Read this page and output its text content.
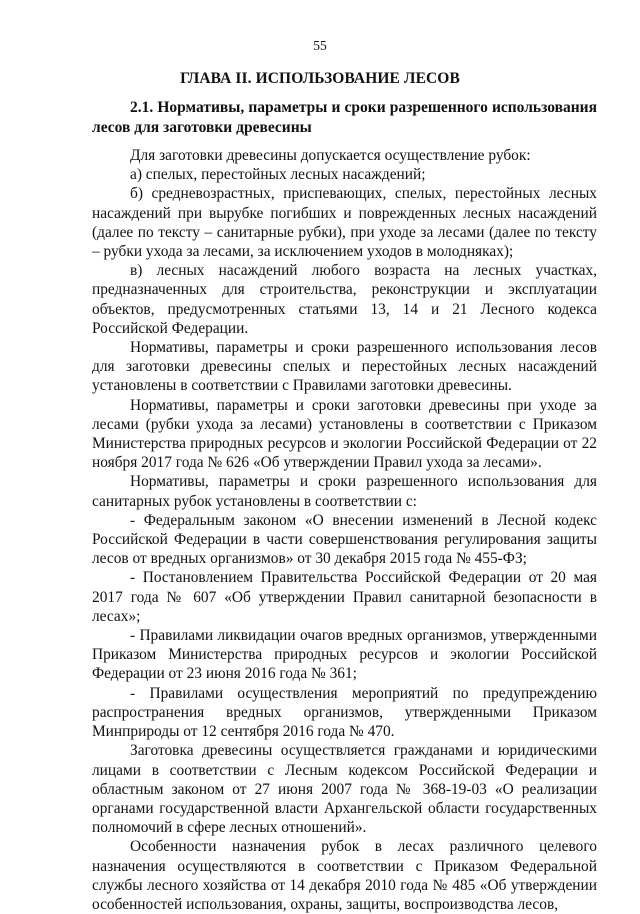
55
ГЛАВА II. ИСПОЛЬЗОВАНИЕ ЛЕСОВ
2.1. Нормативы, параметры и сроки разрешенного использования лесов для заготовки древесины

Для заготовки древесины допускается осуществление рубок:

а) спелых, перестойных лесных насаждений;

б) средневозрастных, приспевающих, спелых, перестойных лесных насаждений при вырубке погибших и поврежденных лесных насаждений (далее по тексту – санитарные рубки), при уходе за лесами (далее по тексту – рубки ухода за лесами, за исключением уходов в молодняках);

в) лесных насаждений любого возраста на лесных участках, предназначенных для строительства, реконструкции и эксплуатации объектов, предусмотренных статьями 13, 14 и 21 Лесного кодекса Российской Федерации.

Нормативы, параметры и сроки разрешенного использования лесов для заготовки древесины спелых и перестойных лесных насаждений установлены в соответствии с Правилами заготовки древесины.

Нормативы, параметры и сроки заготовки древесины при уходе за лесами (рубки ухода за лесами) установлены в соответствии с Приказом Министерства природных ресурсов и экологии Российской Федерации от 22 ноября 2017 года № 626 «Об утверждении Правил ухода за лесами».

Нормативы, параметры и сроки разрешенного использования для санитарных рубок установлены в соответствии с:

- Федеральным законом «О внесении изменений в Лесной кодекс Российской Федерации в части совершенствования регулирования защиты лесов от вредных организмов» от 30 декабря 2015 года № 455-ФЗ;

- Постановлением Правительства Российской Федерации от 20 мая 2017 года № 607 «Об утверждении Правил санитарной безопасности в лесах»;

- Правилами ликвидации очагов вредных организмов, утвержденными Приказом Министерства природных ресурсов и экологии Российской Федерации от 23 июня 2016 года № 361;

- Правилами осуществления мероприятий по предупреждению распространения вредных организмов, утвержденными Приказом Минприроды от 12 сентября 2016 года № 470.

Заготовка древесины осуществляется гражданами и юридическими лицами в соответствии с Лесным кодексом Российской Федерации и областным законом от 27 июня 2007 года № 368-19-03 «О реализации органами государственной власти Архангельской области государственных полномочий в сфере лесных отношений».

Особенности назначения рубок в лесах различного целевого назначения осуществляются в соответствии с Приказом Федеральной службы лесного хозяйства от 14 декабря 2010 года № 485 «Об утверждении особенностей использования, охраны, защиты, воспроизводства лесов,
